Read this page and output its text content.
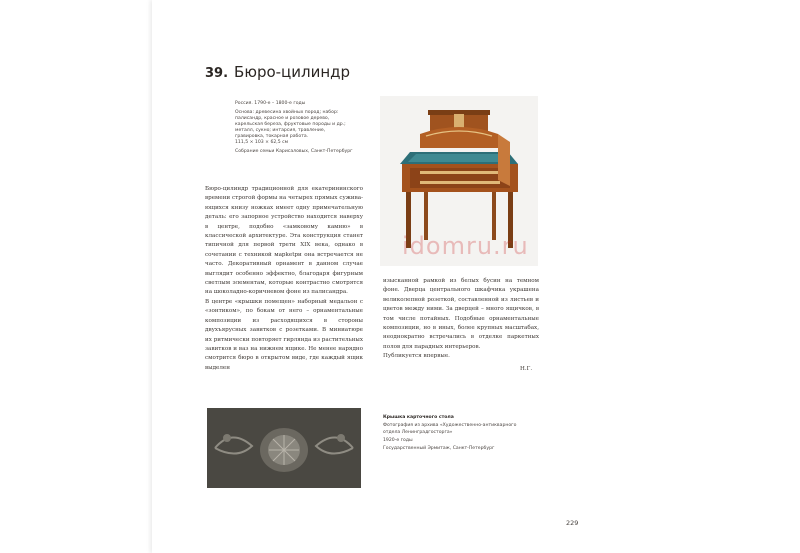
39. Бюро-цилиндр

Россия. 1790-е – 1800-е годы

Основа: древесина хвойных пород; набор:
палисандр, красное и розовое дерево,
карельская береза, фруктовые породы и др.;
металл, сукно; интарсия, травление,
гравировка, токарная работа.
111,5 × 103 × 62,5 см

Собрание семьи Карисаловых, Санкт-Петербург

idomru.ru

Бюро-цилиндр традиционной для екатерининского времени строгой формы на четырех прямых суживающихся книзу ножках имеет одну примечательную деталь: его запорное устройство находится наверху в центре, подобно «замковому камню» в классической архитектуре. Эта конструкция станет типичной для первой трети XIX века, однако в сочетании с техникой марketри она встречается не часто. Декоративный орнамент в данном случае выглядит особенно эффектно, благодаря фигурным светлым элементам, которые контрастно смотрятся на шоколадно-коричневом фоне из палисандра.

В центре «крышки помещен» наборный медальон с «зонтиком», по бокам от него – орнаментальные композиции из расходящихся в стороны двухъярусных завитков с розетками. В миниатюре их ритмически повторяет гирлянда из растительных завитков и ваз на нижнем ящике. Не менее нарядно смотрится бюро в открытом виде, где каждый ящик выделен

изысканной рамкой из белых бусин на темном фоне. Дверца центрального шкафчика украшена великолепной розеткой, составленной из листьев и цветов между ними. За дверцей – много ящичков, в том числе потайных. Подобные орнаментальные композиции, но в иных, более крупных масштабах, неоднократно встречались в отделке паркетных полов для парадных интерьеров.

Публикуется впервые.

Н.Г.

Крышка карточного стола

Фотография из архива «Художественно-антикварного отдела Ленинградгосторга»

1920-е годы

Государственный Эрмитаж, Санкт-Петербург

229
